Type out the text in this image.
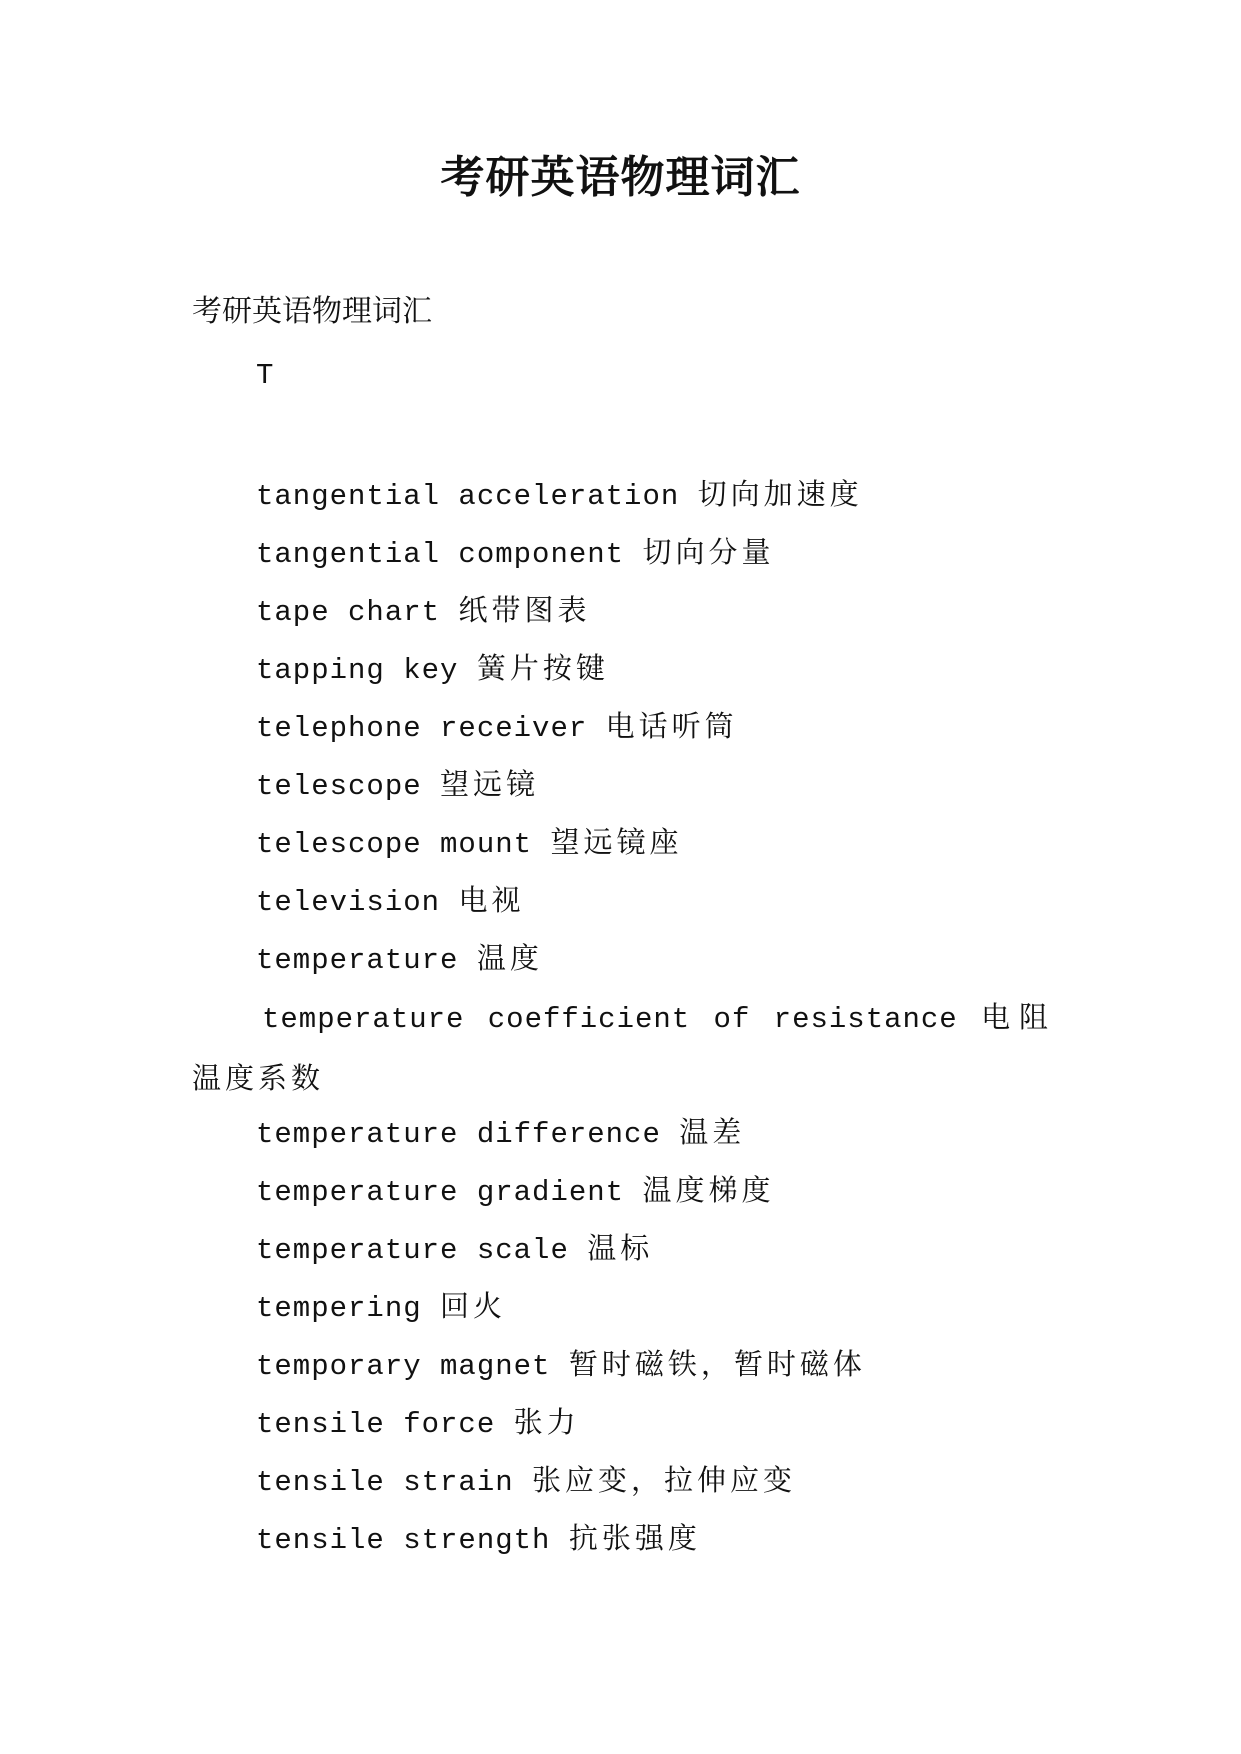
考研英语物理词汇
考研英语物理词汇
T
tangential acceleration 切向加速度
tangential component 切向分量
tape chart 纸带图表
tapping key 簧片按键
telephone receiver 电话听筒
telescope 望远镜
telescope mount 望远镜座
television 电视
temperature 温度
temperature coefficient of resistance 电阻温度系数
temperature difference 温差
temperature gradient 温度梯度
temperature scale 温标
tempering 回火
temporary magnet 暂时磁铁，暂时磁体
tensile force 张力
tensile strain 张应变，拉伸应变
tensile strength 抗张强度
